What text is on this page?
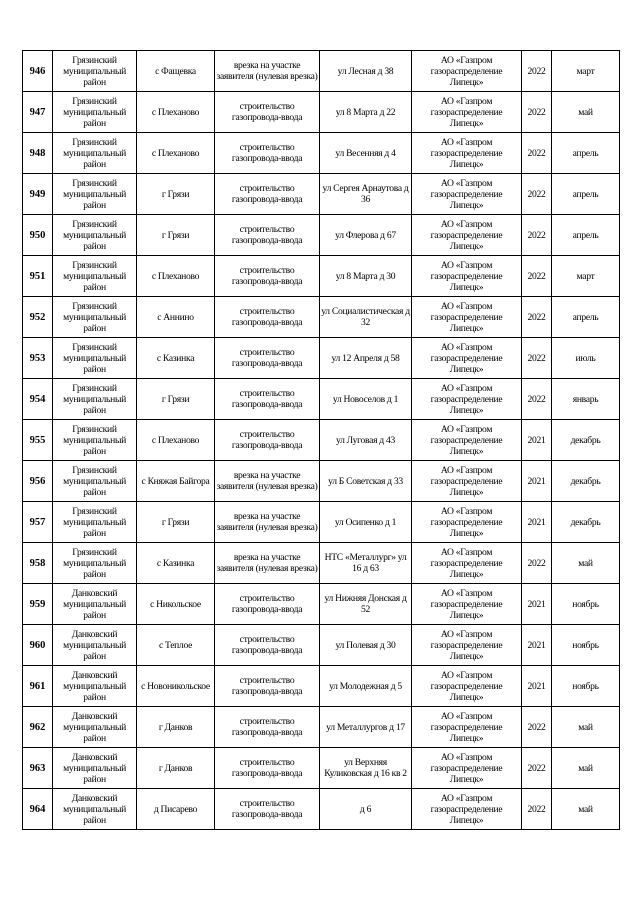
946	Грязинский муниципальный район	с Фащевка	врезка на участке заявителя (нулевая врезка)	ул Лесная д 38	АО «Газпром газораспределение Липецк»	2022	март
947	Грязинский муниципальный район	с Плеханово	строительство газопровода-ввода	ул 8 Марта д 22	АО «Газпром газораспределение Липецк»	2022	май
948	Грязинский муниципальный район	с Плеханово	строительство газопровода-ввода	ул Весенняя д 4	АО «Газпром газораспределение Липецк»	2022	апрель
949	Грязинский муниципальный район	г Грязи	строительство газопровода-ввода	ул Сергея Арнаутова д 36	АО «Газпром газораспределение Липецк»	2022	апрель
950	Грязинский муниципальный район	г Грязи	строительство газопровода-ввода	ул Флерова д 67	АО «Газпром газораспределение Липецк»	2022	апрель
951	Грязинский муниципальный район	с Плеханово	строительство газопровода-ввода	ул 8 Марта д 30	АО «Газпром газораспределение Липецк»	2022	март
952	Грязинский муниципальный район	с Аннино	строительство газопровода-ввода	ул Социалистическая д 32	АО «Газпром газораспределение Липецк»	2022	апрель
953	Грязинский муниципальный район	с Казинка	строительство газопровода-ввода	ул 12 Апреля д 58	АО «Газпром газораспределение Липецк»	2022	июль
954	Грязинский муниципальный район	г Грязи	строительство газопровода-ввода	ул Новоселов д 1	АО «Газпром газораспределение Липецк»	2022	январь
955	Грязинский муниципальный район	с Плеханово	строительство газопровода-ввода	ул Луговая д 43	АО «Газпром газораспределение Липецк»	2021	декабрь
956	Грязинский муниципальный район	с Княжая Байгора	врезка на участке заявителя (нулевая врезка)	ул Б Советская д 33	АО «Газпром газораспределение Липецк»	2021	декабрь
957	Грязинский муниципальный район	г Грязи	врезка на участке заявителя (нулевая врезка)	ул Осипенко д 1	АО «Газпром газораспределение Липецк»	2021	декабрь
958	Грязинский муниципальный район	с Казинка	врезка на участке заявителя (нулевая врезка)	НТС «Металлург» ул 16 д 63	АО «Газпром газораспределение Липецк»	2022	май
959	Данковский муниципальный район	с Никольское	строительство газопровода-ввода	ул Нижняя Донская д 52	АО «Газпром газораспределение Липецк»	2021	ноябрь
960	Данковский муниципальный район	с Теплое	строительство газопровода-ввода	ул Полевая д 30	АО «Газпром газораспределение Липецк»	2021	ноябрь
961	Данковский муниципальный район	с Новоникольское	строительство газопровода-ввода	ул Молодежная д 5	АО «Газпром газораспределение Липецк»	2021	ноябрь
962	Данковский муниципальный район	г Данков	строительство газопровода-ввода	ул Металлургов д 17	АО «Газпром газораспределение Липецк»	2022	май
963	Данковский муниципальный район	г Данков	строительство газопровода-ввода	ул Верхняя Куликовская д 16 кв 2	АО «Газпром газораспределение Липецк»	2022	май
964	Данковский муниципальный район	д Писарево	строительство газопровода-ввода	д 6	АО «Газпром газораспределение Липецк»	2022	май
